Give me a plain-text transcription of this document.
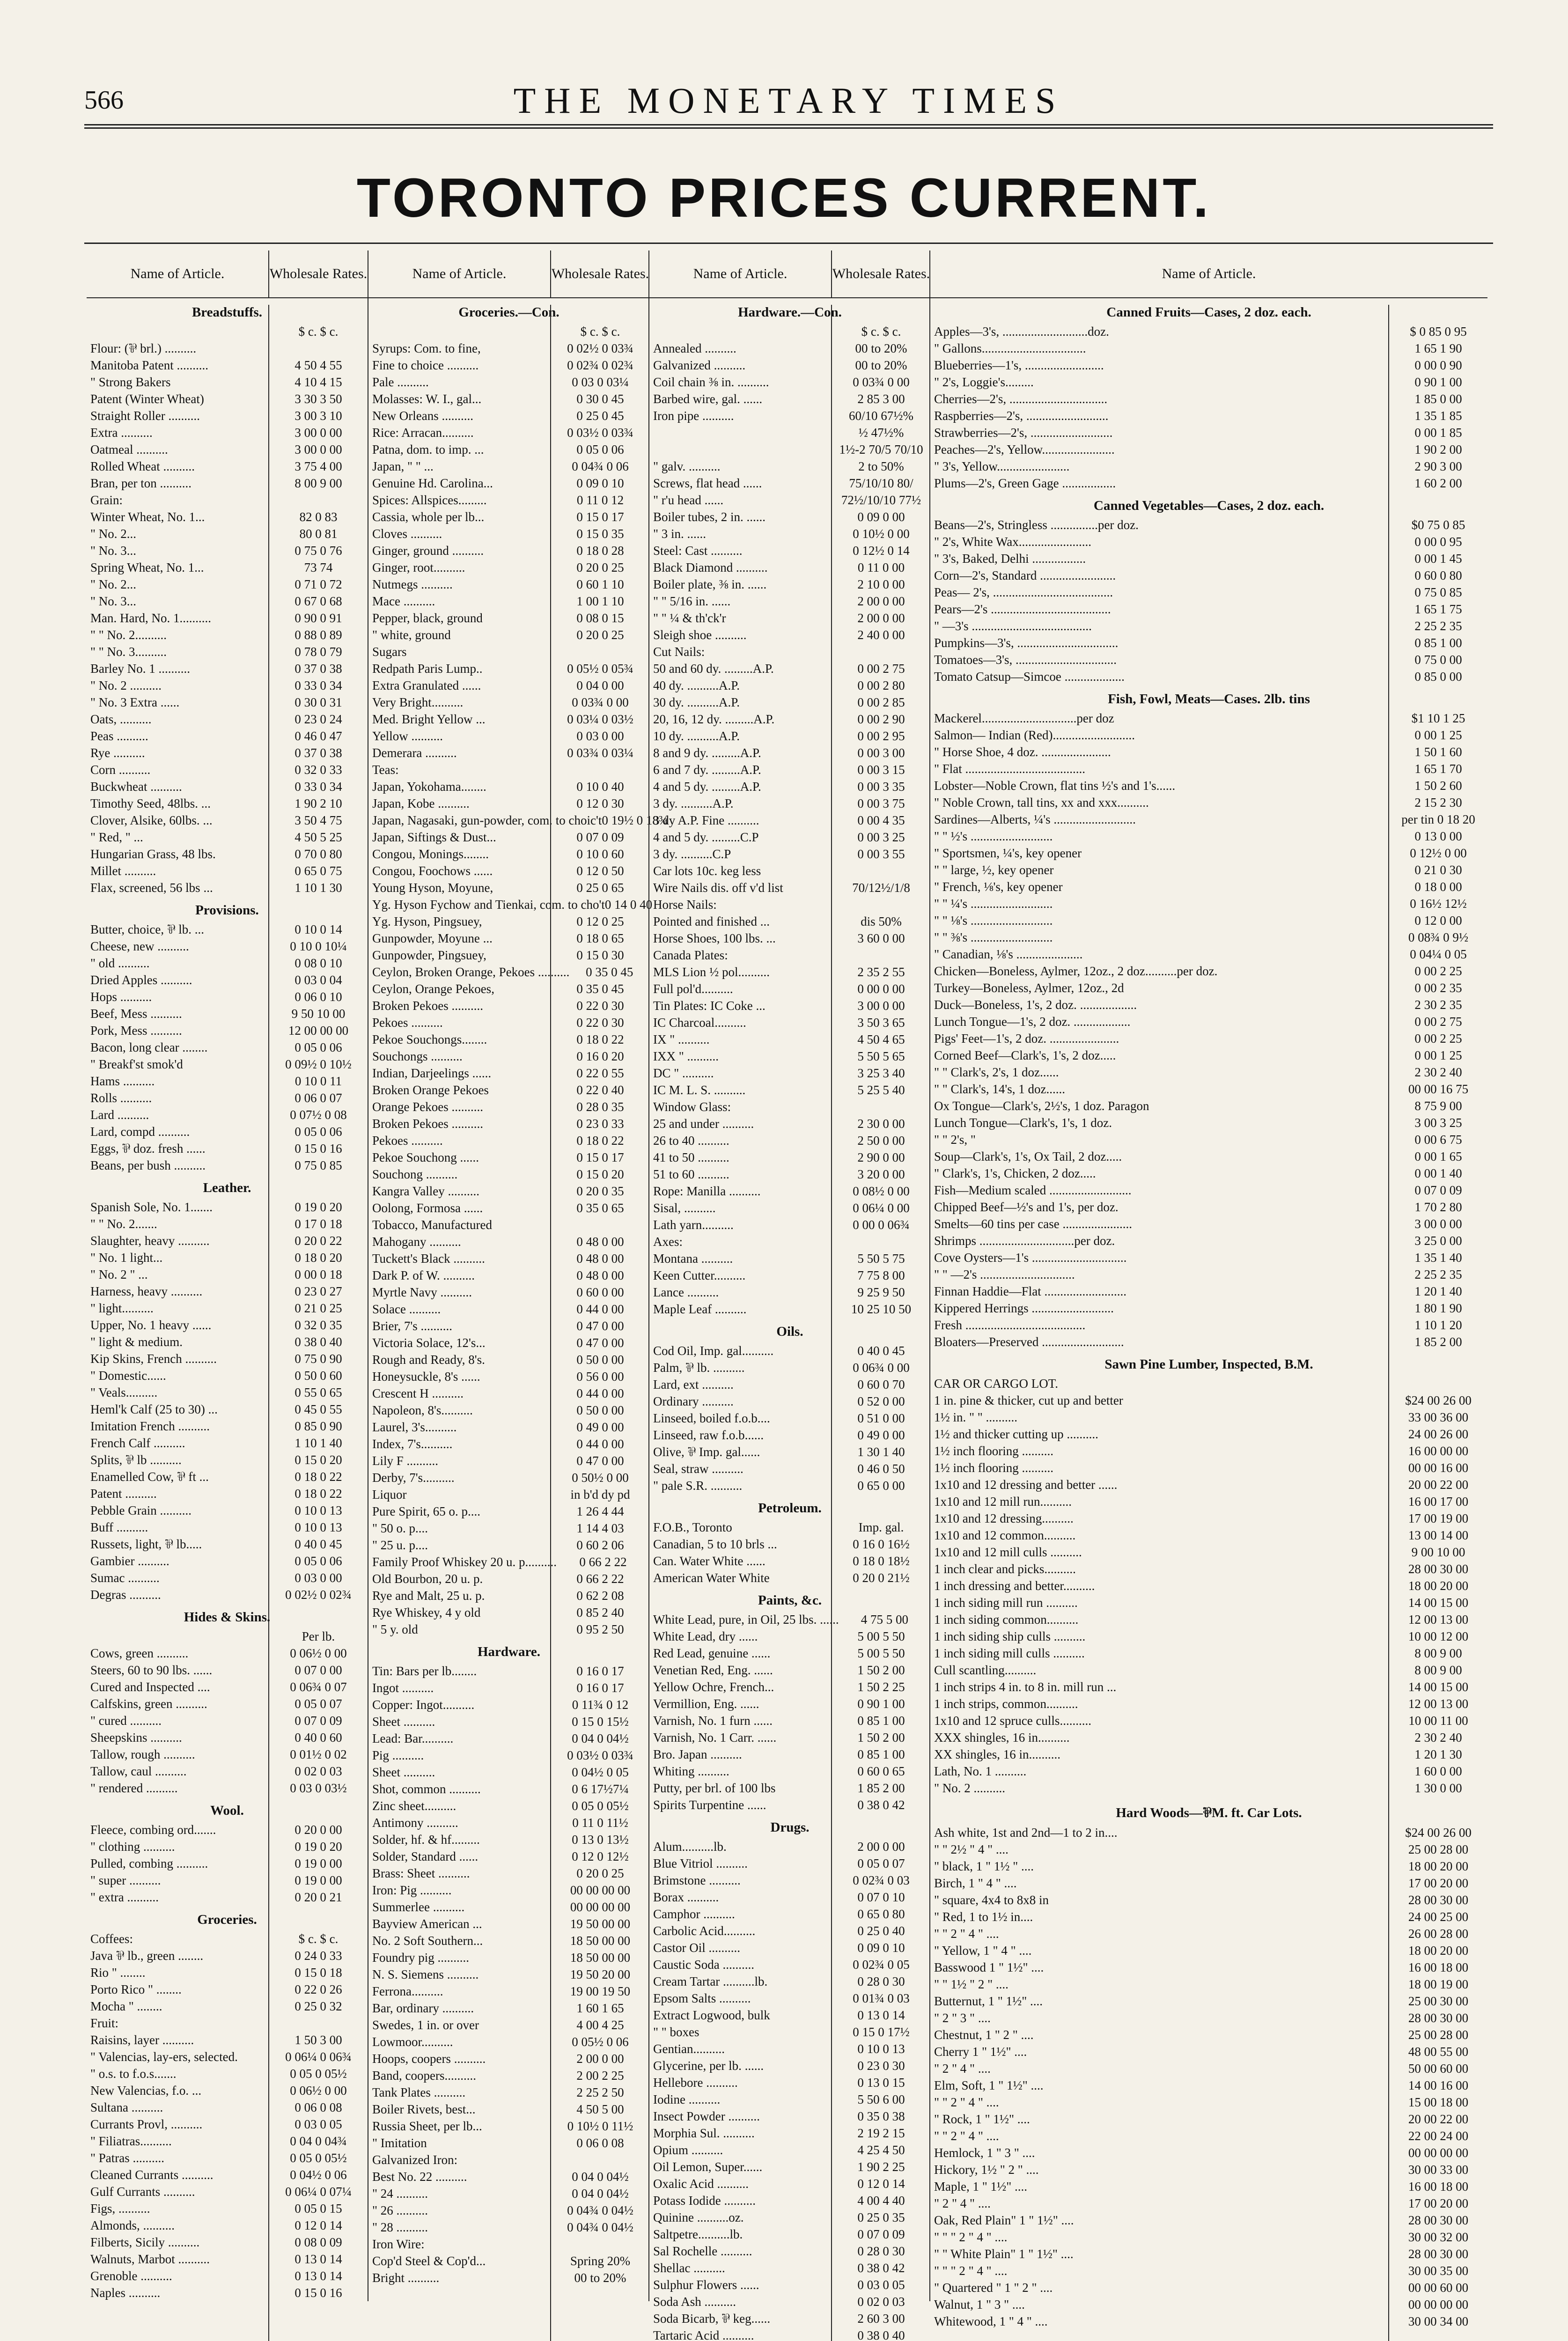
566	THE MONETARY TIMES
TORONTO PRICES CURRENT.
Name of Article.	Wholesale Rates.
Breadstuffs.
$ c. $ c.
Flour: (⅌ brl.) ..........
Manitoba Patent ..........	4 50 4 55
" Strong Bakers	4 10 4 15
Patent (Winter Wheat)	3 30 3 50
Straight Roller ..........	3 00 3 10
Extra ..........	3 00 0 00
Oatmeal ..........	3 00 0 00
Rolled Wheat ..........	3 75 4 00
Bran, per ton ..........	8 00 9 00
Grain:
Winter Wheat, No. 1...	82 0 83
" No. 2...	80 0 81
" No. 3...	0 75 0 76
Spring Wheat, No. 1...	73 74
" No. 2...	0 71 0 72
" No. 3...	0 67 0 68
Man. Hard, No. 1..........	0 90 0 91
" " No. 2..........	0 88 0 89
" " No. 3..........	0 78 0 79
Barley No. 1 ..........	0 37 0 38
" No. 2 ..........	0 33 0 34
" No. 3 Extra ......	0 30 0 31
Oats, ..........	0 23 0 24
Peas ..........	0 46 0 47
Rye ..........	0 37 0 38
Corn ..........	0 32 0 33
Buckwheat ..........	0 33 0 34
Timothy Seed, 48lbs. ...	1 90 2 10
Clover, Alsike, 60lbs. ...	3 50 4 75
" Red, " ...	4 50 5 25
Hungarian Grass, 48 lbs.	0 70 0 80
Millet ..........	0 65 0 75
Flax, screened, 56 lbs ...	1 10 1 30
Provisions.
Butter, choice, ⅌ lb. ...	0 10 0 14
Cheese, new ..........	0 10 0 10¼
" old ..........	0 08 0 10
Dried Apples ..........	0 03 0 04
Hops ..........	0 06 0 10
Beef, Mess ..........	9 50 10 00
Pork, Mess ..........	12 00 00 00
Bacon, long clear ........	0 05 0 06
" Breakf'st smok'd	0 09½ 0 10½
Hams ..........	0 10 0 11
Rolls ..........	0 06 0 07
Lard ..........	0 07½ 0 08
Lard, compd ..........	0 05 0 06
Eggs, ⅌ doz. fresh ......	0 15 0 16
Beans, per bush ..........	0 75 0 85
Leather.
Spanish Sole, No. 1.......	0 19 0 20
" " No. 2.......	0 17 0 18
Slaughter, heavy ..........	0 20 0 22
" No. 1 light...	0 18 0 20
" No. 2 " ...	0 00 0 18
Harness, heavy ..........	0 23 0 27
" light..........	0 21 0 25
Upper, No. 1 heavy ......	0 32 0 35
" light & medium.	0 38 0 40
Kip Skins, French ..........	0 75 0 90
" Domestic......	0 50 0 60
" Veals..........	0 55 0 65
Heml'k Calf (25 to 30) ...	0 45 0 55
Imitation French ..........	0 85 0 90
French Calf ..........	1 10 1 40
Splits, ⅌ lb ..........	0 15 0 20
Enamelled Cow, ⅌ ft ...	0 18 0 22
Patent ..........	0 18 0 22
Pebble Grain ..........	0 10 0 13
Buff ..........	0 10 0 13
Russets, light, ⅌ lb.....	0 40 0 45
Gambier ..........	0 05 0 06
Sumac ..........	0 03 0 00
Degras ..........	0 02½ 0 02¾
Hides & Skins.
Per lb.
Cows, green ..........	0 06½ 0 00
Steers, 60 to 90 lbs. ......	0 07 0 00
Cured and Inspected ....	0 06¾ 0 07
Calfskins, green ..........	0 05 0 07
" cured ..........	0 07 0 09
Sheepskins ..........	0 40 0 60
Tallow, rough ..........	0 01½ 0 02
Tallow, caul ..........	0 02 0 03
" rendered ..........	0 03 0 03½
Wool.
Fleece, combing ord.......	0 20 0 00
" clothing ..........	0 19 0 20
Pulled, combing ..........	0 19 0 00
" super ..........	0 19 0 00
" extra ..........	0 20 0 21
Groceries.
Coffees:	$ c. $ c.
Java ⅌ lb., green ........	0 24 0 33
Rio " ........	0 15 0 18
Porto Rico " ........	0 22 0 26
Mocha " ........	0 25 0 32
Fruit:
Raisins, layer ..........	1 50 3 00
" Valencias, lay-ers, selected.	0 06¼ 0 06¾
" o.s. to f.o.s.......	0 05 0 05½
New Valencias, f.o. ...	0 06½ 0 00
Sultana ..........	0 06 0 08
Currants Provl, ..........	0 03 0 05
" Filiatras..........	0 04 0 04¾
" Patras ..........	0 05 0 05½
Cleaned Currants ..........	0 04½ 0 06
Gulf Currants ..........	0 06¼ 0 07¼
Figs, ..........	0 05 0 15
Almonds, ..........	0 12 0 14
Filberts, Sicily ..........	0 08 0 09
Walnuts, Marbot ..........	0 13 0 14
Grenoble ..........	0 13 0 14
Naples ..........	0 15 0 16
Name of Article.	Wholesale Rates.
Groceries.—Con.
$ c. $ c.
Syrups: Com. to fine,	0 02½ 0 03¾
Fine to choice ..........	0 02¾ 0 02¾
Pale ..........	0 03 0 03¼
Molasses: W. I., gal...	0 30 0 45
New Orleans ..........	0 25 0 45
Rice: Arracan..........	0 03½ 0 03¾
Patna, dom. to imp. ...	0 05 0 06
Japan, " " ...	0 04¾ 0 06
Genuine Hd. Carolina...	0 09 0 10
Spices: Allspices.........	0 11 0 12
Cassia, whole per lb...	0 15 0 17
Cloves ..........	0 15 0 35
Ginger, ground ..........	0 18 0 28
Ginger, root..........	0 20 0 25
Nutmegs ..........	0 60 1 10
Mace ..........	1 00 1 10
Pepper, black, ground	0 08 0 15
" white, ground	0 20 0 25
Sugars
Redpath Paris Lump..	0 05½ 0 05¾
Extra Granulated ......	0 04 0 00
Very Bright..........	0 03¾ 0 00
Med. Bright Yellow ...	0 03¼ 0 03½
Yellow ..........	0 03 0 00
Demerara ..........	0 03¾ 0 03¼
Teas:
Japan, Yokohama........	0 10 0 40
Japan, Kobe ..........	0 12 0 30
Japan, Nagasaki, gun-powder, com. to choic't 0 19½ 0 18¾
Japan, Siftings & Dust...	0 07 0 09
Congou, Monings........	0 10 0 60
Congou, Foochows ......	0 12 0 50
Young Hyson, Moyune,	0 25 0 65
Yg. Hyson Fychow and Tienkai, com. to cho't 0 14 0 40
Yg. Hyson, Pingsuey,	0 12 0 25
Gunpowder, Moyune ...	0 18 0 65
Gunpowder, Pingsuey,	0 15 0 30
Ceylon, Broken Orange, Pekoes ..........	0 35 0 45
Ceylon, Orange Pekoes,	0 35 0 45
Broken Pekoes ..........	0 22 0 30
Pekoes ..........	0 22 0 30
Pekoe Souchongs........	0 18 0 22
Souchongs ..........	0 16 0 20
Indian, Darjeelings ......	0 22 0 55
Broken Orange Pekoes	0 22 0 40
Orange Pekoes ..........	0 28 0 35
Broken Pekoes ..........	0 23 0 33
Pekoes ..........	0 18 0 22
Pekoe Souchong ......	0 15 0 17
Souchong ..........	0 15 0 20
Kangra Valley ..........	0 20 0 35
Oolong, Formosa ......	0 35 0 65
Tobacco, Manufactured
Mahogany ..........	0 48 0 00
Tuckett's Black ..........	0 48 0 00
Dark P. of W. ..........	0 48 0 00
Myrtle Navy ..........	0 60 0 00
Solace ..........	0 44 0 00
Brier, 7's ..........	0 47 0 00
Victoria Solace, 12's...	0 47 0 00
Rough and Ready, 8's.	0 50 0 00
Honeysuckle, 8's ......	0 56 0 00
Crescent H ..........	0 44 0 00
Napoleon, 8's..........	0 50 0 00
Laurel, 3's..........	0 49 0 00
Index, 7's..........	0 44 0 00
Lily F ..........	0 47 0 00
Derby, 7's..........	0 50½ 0 00
Liquor	in b'd dy pd
Pure Spirit, 65 o. p....	1 26 4 44
" 50 o. p....	1 14 4 03
" 25 u. p....	0 60 2 06
Family Proof Whiskey 20 u. p..........	0 66 2 22
Old Bourbon, 20 u. p.	0 66 2 22
Rye and Malt, 25 u. p.	0 62 2 08
Rye Whiskey, 4 y old	0 85 2 40
" 5 y. old	0 95 2 50
Hardware.
Tin: Bars per lb........	0 16 0 17
Ingot ..........	0 16 0 17
Copper: Ingot..........	0 11¾ 0 12
Sheet ..........	0 15 0 15½
Lead: Bar..........	0 04 0 04½
Pig ..........	0 03½ 0 03¾
Sheet ..........	0 04½ 0 05
Shot, common ..........	0 6 17½7¼
Zinc sheet..........	0 05 0 05½
Antimony ..........	0 11 0 11½
Solder, hf. & hf.........	0 13 0 13½
Solder, Standard ......	0 12 0 12½
Brass: Sheet ..........	0 20 0 25
Iron: Pig ..........	00 00 00 00
Summerlee ..........	00 00 00 00
Bayview American ...	19 50 00 00
No. 2 Soft Southern...	18 50 00 00
Foundry pig ..........	18 50 00 00
N. S. Siemens ..........	19 50 20 00
Ferrona..........	19 00 19 50
Bar, ordinary ..........	1 60 1 65
Swedes, 1 in. or over	4 00 4 25
Lowmoor..........	0 05½ 0 06
Hoops, coopers ..........	2 00 0 00
Band, coopers..........	2 00 2 25
Tank Plates ..........	2 25 2 50
Boiler Rivets, best...	4 50 5 00
Russia Sheet, per lb...	0 10½ 0 11½
" Imitation	0 06 0 08
Galvanized Iron:
Best No. 22 ..........	0 04 0 04½
" 24 ..........	0 04 0 04½
" 26 ..........	0 04¾ 0 04½
" 28 ..........	0 04¾ 0 04½
Iron Wire:
Cop'd Steel & Cop'd...	Spring 20%
Bright ..........	00 to 20%
Name of Article.	Wholesale Rates.
Hardware.—Con.
$ c. $ c.
Annealed ..........	00 to 20%
Galvanized ..........	00 to 20%
Coil chain ⅜ in. ..........	0 03¾ 0 00
Barbed wire, gal. ......	2 85 3 00
Iron pipe ..........	60/10 67½%
½ 47½%
1½-2 70/5 70/10
" galv. ..........	2 to 50%
Screws, flat head ......	75/10/10 80/
" r'u head ......	72½/10/10 77½
Boiler tubes, 2 in. ......	0 09 0 00
" 3 in. ......	0 10½ 0 00
Steel: Cast ..........	0 12½ 0 14
Black Diamond ..........	0 11 0 00
Boiler plate, ⅜ in. ......	2 10 0 00
" " 5/16 in. ......	2 00 0 00
" " ¼ & th'ck'r	2 00 0 00
Sleigh shoe ..........	2 40 0 00
Cut Nails:
50 and 60 dy. .........A.P.	0 00 2 75
40 dy. ..........A.P.	0 00 2 80
30 dy. ..........A.P.	0 00 2 85
20, 16, 12 dy. .........A.P.	0 00 2 90
10 dy. ..........A.P.	0 00 2 95
8 and 9 dy. .........A.P.	0 00 3 00
6 and 7 dy. .........A.P.	0 00 3 15
4 and 5 dy. .........A.P.	0 00 3 35
3 dy. ..........A.P.	0 00 3 75
3 dy A.P. Fine ..........	0 00 4 35
4 and 5 dy. .........C.P	0 00 3 25
3 dy. ..........C.P	0 00 3 55
Car lots 10c. keg less
Wire Nails dis. off v'd list	70/12½/1/8
Horse Nails:
Pointed and finished ...	dis 50%
Horse Shoes, 100 lbs. ...	3 60 0 00
Canada Plates:
MLS Lion ½ pol..........	2 35 2 55
Full pol'd..........	0 00 0 00
Tin Plates: IC Coke ...	3 00 0 00
IC Charcoal..........	3 50 3 65
IX " ..........	4 50 4 65
IXX " ..........	5 50 5 65
DC " ..........	3 25 3 40
IC M. L. S. ..........	5 25 5 40
Window Glass:
25 and under ..........	2 30 0 00
26 to 40 ..........	2 50 0 00
41 to 50 ..........	2 90 0 00
51 to 60 ..........	3 20 0 00
Rope: Manilla ..........	0 08½ 0 00
Sisal, ..........	0 06¼ 0 00
Lath yarn..........	0 00 0 06¾
Axes:
Montana ..........	5 50 5 75
Keen Cutter..........	7 75 8 00
Lance ..........	9 25 9 50
Maple Leaf ..........	10 25 10 50
Oils.
Cod Oil, Imp. gal..........	0 40 0 45
Palm, ⅌ lb. ..........	0 06¾ 0 00
Lard, ext ..........	0 60 0 70
Ordinary ..........	0 52 0 00
Linseed, boiled f.o.b....	0 51 0 00
Linseed, raw f.o.b......	0 49 0 00
Olive, ⅌ Imp. gal......	1 30 1 40
Seal, straw ..........	0 46 0 50
" pale S.R. ..........	0 65 0 00
Petroleum.
F.O.B., Toronto	Imp. gal.
Canadian, 5 to 10 brls ...	0 16 0 16½
Can. Water White ......	0 18 0 18½
American Water White	0 20 0 21½
Paints, &c.
White Lead, pure, in Oil, 25 lbs. ......	4 75 5 00
White Lead, dry ......	5 00 5 50
Red Lead, genuine ......	5 00 5 50
Venetian Red, Eng. ......	1 50 2 00
Yellow Ochre, French...	1 50 2 25
Vermillion, Eng. ......	0 90 1 00
Varnish, No. 1 furn ......	0 85 1 00
Varnish, No. 1 Carr. ......	1 50 2 00
Bro. Japan ..........	0 85 1 00
Whiting ..........	0 60 0 65
Putty, per brl. of 100 lbs	1 85 2 00
Spirits Turpentine ......	0 38 0 42
Drugs.
Alum..........lb.	2 00 0 00
Blue Vitriol ..........	0 05 0 07
Brimstone ..........	0 02¾ 0 03
Borax ..........	0 07 0 10
Camphor ..........	0 65 0 80
Carbolic Acid..........	0 25 0 40
Castor Oil ..........	0 09 0 10
Caustic Soda ..........	0 02¾ 0 05
Cream Tartar ..........lb.	0 28 0 30
Epsom Salts ..........	0 01¾ 0 03
Extract Logwood, bulk	0 13 0 14
" " boxes	0 15 0 17½
Gentian..........	0 10 0 13
Glycerine, per lb. ......	0 23 0 30
Hellebore ..........	0 13 0 15
Iodine ..........	5 50 6 00
Insect Powder ..........	0 35 0 38
Morphia Sul. ..........	2 19 2 15
Opium ..........	4 25 4 50
Oil Lemon, Super......	1 90 2 25
Oxalic Acid ..........	0 12 0 14
Potass Iodide ..........	4 00 4 40
Quinine ..........oz.	0 25 0 35
Saltpetre..........lb.	0 07 0 09
Sal Rochelle ..........	0 28 0 30
Shellac ..........	0 38 0 42
Sulphur Flowers ......	0 03 0 05
Soda Ash ..........	0 02 0 03
Soda Bicarb, ⅌ keg......	2 60 3 00
Tartaric Acid ..........	0 38 0 40
Name of Article.
Canned Fruits—Cases, 2 doz. each.
Apples—3's, ...........................doz.	$ 0 85 0 95
" Gallons.................................	1 65 1 90
Blueberries—1's, .........................	0 00 0 90
" 2's, Loggie's.........	0 90 1 00
Cherries—2's, ...............................	1 85 0 00
Raspberries—2's, ..........................	1 35 1 85
Strawberries—2's, ..........................	0 00 1 85
Peaches—2's, Yellow.......................	1 90 2 00
" 3's, Yellow.......................	2 90 3 00
Plums—2's, Green Gage .................	1 60 2 00
Canned Vegetables—Cases, 2 doz. each.
Beans—2's, Stringless ...............per doz.	$0 75 0 85
" 2's, White Wax.......................	0 00 0 95
" 3's, Baked, Delhi .................	0 00 1 45
Corn—2's, Standard ........................	0 60 0 80
Peas— 2's, ......................................	0 75 0 85
Pears—2's ......................................	1 65 1 75
" —3's ......................................	2 25 2 35
Pumpkins—3's, ................................	0 85 1 00
Tomatoes—3's, ................................	0 75 0 00
Tomato Catsup—Simcoe ...................	0 85 0 00
Fish, Fowl, Meats—Cases. 2lb. tins
Mackerel..............................per doz	$1 10 1 25
Salmon— Indian (Red)..........................	0 00 1 25
" Horse Shoe, 4 doz. ......................	1 50 1 60
" Flat ......................................	1 65 1 70
Lobster—Noble Crown, flat tins ½'s and 1's......	1 50 2 60
" Noble Crown, tall tins, xx and xxx..........	2 15 2 30
Sardines—Alberts, ¼'s ..........................	per tin 0 18 20
" " ½'s ..........................	0 13 0 00
" Sportsmen, ¼'s, key opener	0 12½ 0 00
" " large, ½, key opener	0 21 0 30
" French, ⅛'s, key opener	0 18 0 00
" " ¼'s ..........................	0 16½ 12½
" " ⅛'s ..........................	0 12 0 00
" " ⅜'s ..........................	0 08¾ 0 9½
" Canadian, ⅛'s .....................	0 04¼ 0 05
Chicken—Boneless, Aylmer, 12oz., 2 doz..........per doz.	0 00 2 25
Turkey—Boneless, Aylmer, 12oz., 2d	0 00 2 35
Duck—Boneless, 1's, 2 doz. ..................	2 30 2 35
Lunch Tongue—1's, 2 doz. ..................	0 00 2 75
Pigs' Feet—1's, 2 doz. ......................	0 00 2 25
Corned Beef—Clark's, 1's, 2 doz.....	0 00 1 25
" " Clark's, 2's, 1 doz......	2 30 2 40
" " Clark's, 14's, 1 doz......	00 00 16 75
Ox Tongue—Clark's, 2½'s, 1 doz. Paragon	8 75 9 00
Lunch Tongue—Clark's, 1's, 1 doz.	3 00 3 25
" " 2's, "	0 00 6 75
Soup—Clark's, 1's, Ox Tail, 2 doz.....	0 00 1 65
" Clark's, 1's, Chicken, 2 doz.....	0 00 1 40
Fish—Medium scaled ..........................	0 07 0 09
Chipped Beef—½'s and 1's, per doz.	1 70 2 80
Smelts—60 tins per case ......................	3 00 0 00
Shrimps ..............................per doz.	3 25 0 00
Cove Oysters—1's ..............................	1 35 1 40
" " —2's ..............................	2 25 2 35
Finnan Haddie—Flat ..........................	1 20 1 40
Kippered Herrings ..........................	1 80 1 90
Fresh ......................................	1 10 1 20
Bloaters—Preserved ..........................	1 85 2 00
Sawn Pine Lumber, Inspected, B.M.
CAR OR CARGO LOT.
1 in. pine & thicker, cut up and better	$24 00 26 00
1½ in. " " ..........	33 00 36 00
1½ and thicker cutting up ..........	24 00 26 00
1½ inch flooring ..........	16 00 00 00
1½ inch flooring ..........	00 00 16 00
1x10 and 12 dressing and better ......	20 00 22 00
1x10 and 12 mill run..........	16 00 17 00
1x10 and 12 dressing..........	17 00 19 00
1x10 and 12 common..........	13 00 14 00
1x10 and 12 mill culls ..........	9 00 10 00
1 inch clear and picks..........	28 00 30 00
1 inch dressing and better..........	18 00 20 00
1 inch siding mill run ..........	14 00 15 00
1 inch siding common..........	12 00 13 00
1 inch siding ship culls ..........	10 00 12 00
1 inch siding mill culls ..........	8 00 9 00
Cull scantling..........	8 00 9 00
1 inch strips 4 in. to 8 in. mill run ...	14 00 15 00
1 inch strips, common..........	12 00 13 00
1x10 and 12 spruce culls..........	10 00 11 00
XXX shingles, 16 in..........	2 30 2 40
XX shingles, 16 in..........	1 20 1 30
Lath, No. 1 ..........	1 60 0 00
" No. 2 ..........	1 30 0 00
Hard Woods—⅌M. ft. Car Lots.
Ash white, 1st and 2nd—1 to 2 in....	$24 00 26 00
" " 2½ " 4 " ....	25 00 28 00
" black, 1 " 1½ " ....	18 00 20 00
Birch, 1 " 4 " ....	17 00 20 00
" square, 4x4 to 8x8 in	28 00 30 00
" Red, 1 to 1½ in....	24 00 25 00
" " 2 " 4 " ....	26 00 28 00
" Yellow, 1 " 4 " ....	18 00 20 00
Basswood 1 " 1½" ....	16 00 18 00
" " 1½ " 2 " ....	18 00 19 00
Butternut, 1 " 1½" ....	25 00 30 00
" 2 " 3 " ....	28 00 30 00
Chestnut, 1 " 2 " ....	25 00 28 00
Cherry 1 " 1½" ....	48 00 55 00
" 2 " 4 " ....	50 00 60 00
Elm, Soft, 1 " 1½" ....	14 00 16 00
" " 2 " 4 " ....	15 00 18 00
" Rock, 1 " 1½" ....	20 00 22 00
" " 2 " 4 " ....	22 00 24 00
Hemlock, 1 " 3 " ....	00 00 00 00
Hickory, 1½ " 2 " ....	30 00 33 00
Maple, 1 " 1½" ....	16 00 18 00
" 2 " 4 " ....	17 00 20 00
Oak, Red Plain" 1 " 1½" ....	28 00 30 00
" " " 2 " 4 " ....	30 00 32 00
" " White Plain" 1 " 1½" ....	28 00 30 00
" " " 2 " 4 " ....	30 00 35 00
" Quartered " 1 " 2 " ....	00 00 60 00
Walnut, 1 " 3 " ....	00 00 00 00
Whitewood, 1 " 4 " ....	30 00 34 00
